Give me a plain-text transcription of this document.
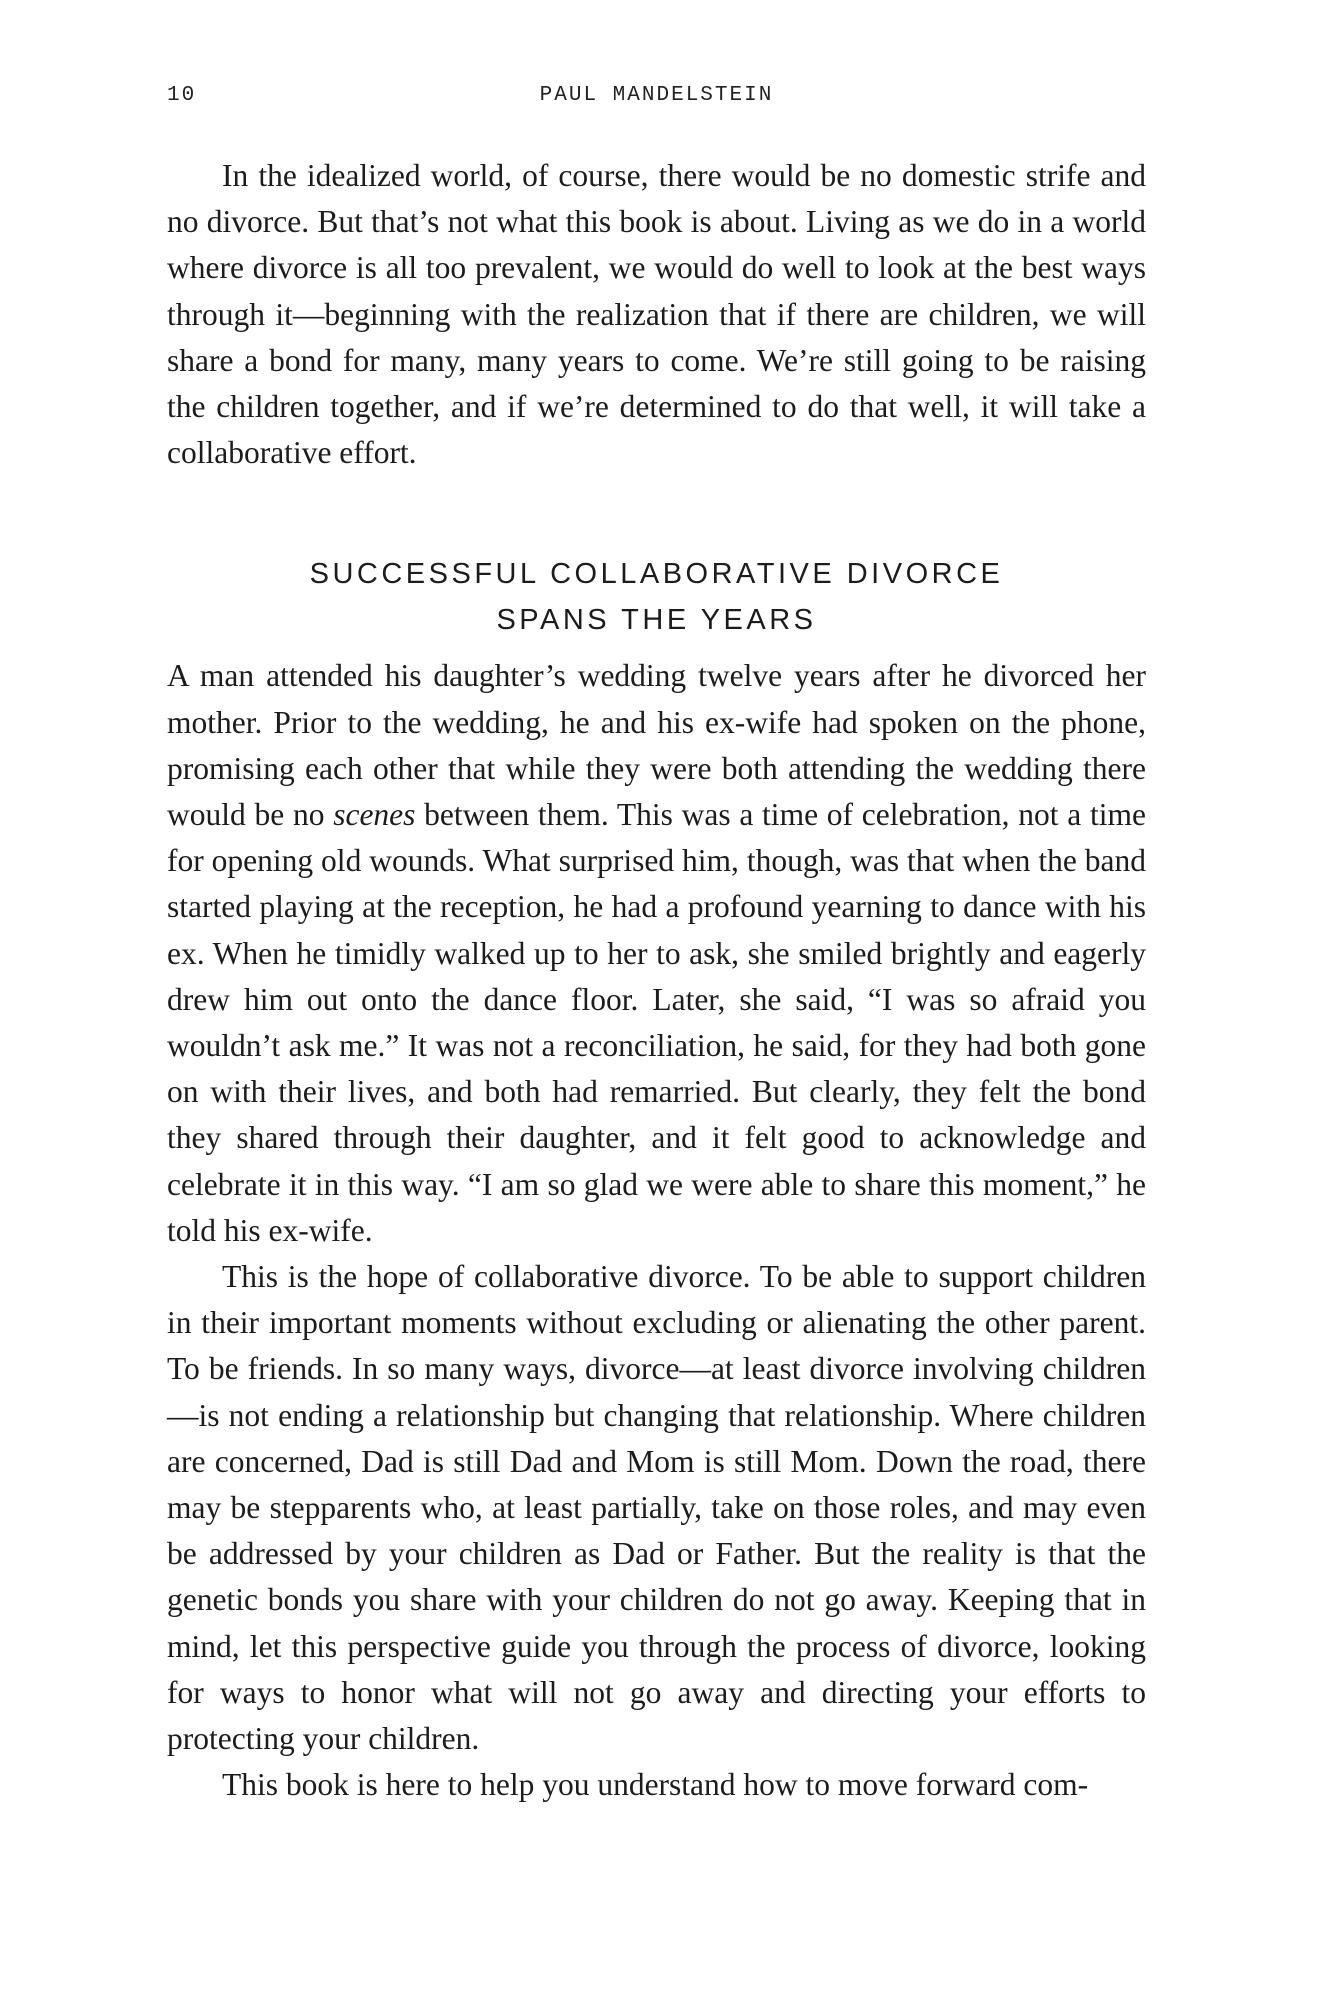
10	PAUL MANDELSTEIN

In the idealized world, of course, there would be no domestic strife and no divorce. But that’s not what this book is about. Living as we do in a world where divorce is all too prevalent, we would do well to look at the best ways through it—beginning with the realization that if there are children, we will share a bond for many, many years to come. We’re still going to be raising the children together, and if we’re determined to do that well, it will take a collaborative effort.

SUCCESSFUL COLLABORATIVE DIVORCE
SPANS THE YEARS

A man attended his daughter’s wedding twelve years after he divorced her mother. Prior to the wedding, he and his ex-wife had spoken on the phone, promising each other that while they were both attending the wedding there would be no scenes between them. This was a time of celebration, not a time for opening old wounds. What surprised him, though, was that when the band started playing at the reception, he had a profound yearning to dance with his ex. When he timidly walked up to her to ask, she smiled brightly and eagerly drew him out onto the dance floor. Later, she said, “I was so afraid you wouldn’t ask me.” It was not a reconciliation, he said, for they had both gone on with their lives, and both had remarried. But clearly, they felt the bond they shared through their daughter, and it felt good to acknowledge and celebrate it in this way. “I am so glad we were able to share this moment,” he told his ex-wife.

This is the hope of collaborative divorce. To be able to support children in their important moments without excluding or alienating the other parent. To be friends. In so many ways, divorce—at least divorce involving children—is not ending a relationship but changing that relationship. Where children are concerned, Dad is still Dad and Mom is still Mom. Down the road, there may be stepparents who, at least partially, take on those roles, and may even be addressed by your children as Dad or Father. But the reality is that the genetic bonds you share with your children do not go away. Keeping that in mind, let this perspective guide you through the process of divorce, looking for ways to honor what will not go away and directing your efforts to protecting your children.

This book is here to help you understand how to move forward com-
